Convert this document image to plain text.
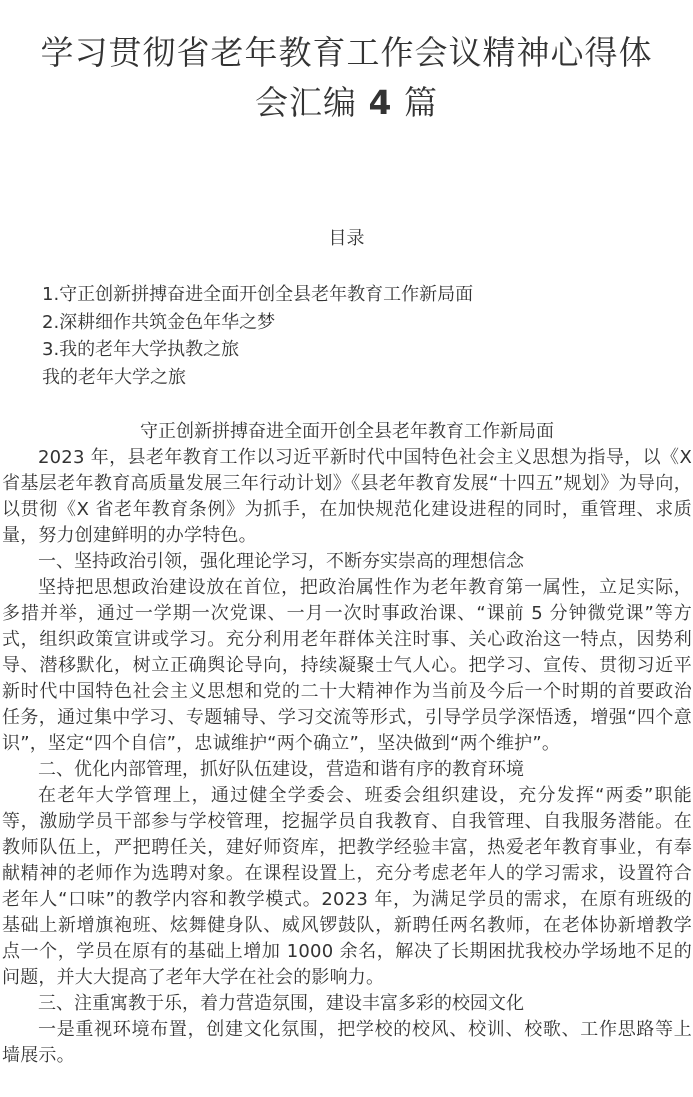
学习贯彻省老年教育工作会议精神心得体
会汇编 4 篇
目录
1.守正创新拼搏奋进全面开创全县老年教育工作新局面
2.深耕细作共筑金色年华之梦
3.我的老年大学执教之旅
我的老年大学之旅
守正创新拼搏奋进全面开创全县老年教育工作新局面

2023 年，县老年教育工作以习近平新时代中国特色社会主义思想为指导，以《X 省基层老年教育高质量发展三年行动计划》《县老年教育发展“十四五”规划》为导向，以贯彻《X 省老年教育条例》为抓手，在加快规范化建设进程的同时，重管理、求质量，努力创建鲜明的办学特色。

一、坚持政治引领，强化理论学习，不断夯实崇高的理想信念

坚持把思想政治建设放在首位，把政治属性作为老年教育第一属性，立足实际，多措并举，通过一学期一次党课、一月一次时事政治课、“课前 5 分钟微党课”等方式，组织政策宣讲或学习。充分利用老年群体关注时事、关心政治这一特点，因势利导、潜移默化，树立正确舆论导向，持续凝聚士气人心。把学习、宣传、贯彻习近平新时代中国特色社会主义思想和党的二十大精神作为当前及今后一个时期的首要政治任务，通过集中学习、专题辅导、学习交流等形式，引导学员学深悟透，增强“四个意识”，坚定“四个自信”，忠诚维护“两个确立”，坚决做到“两个维护”。

二、优化内部管理，抓好队伍建设，营造和谐有序的教育环境

在老年大学管理上，通过健全学委会、班委会组织建设，充分发挥“两委”职能等，激励学员干部参与学校管理，挖掘学员自我教育、自我管理、自我服务潜能。在教师队伍上，严把聘任关，建好师资库，把教学经验丰富，热爱老年教育事业，有奉献精神的老师作为选聘对象。在课程设置上，充分考虑老年人的学习需求，设置符合老年人“口味”的教学内容和教学模式。2023 年，为满足学员的需求，在原有班级的基础上新增旗袍班、炫舞健身队、威风锣鼓队，新聘任两名教师，在老体协新增教学点一个，学员在原有的基础上增加 1000 余名，解决了长期困扰我校办学场地不足的问题，并大大提高了老年大学在社会的影响力。

三、注重寓教于乐，着力营造氛围，建设丰富多彩的校园文化

一是重视环境布置，创建文化氛围，把学校的校风、校训、校歌、工作思路等上墙展示。
